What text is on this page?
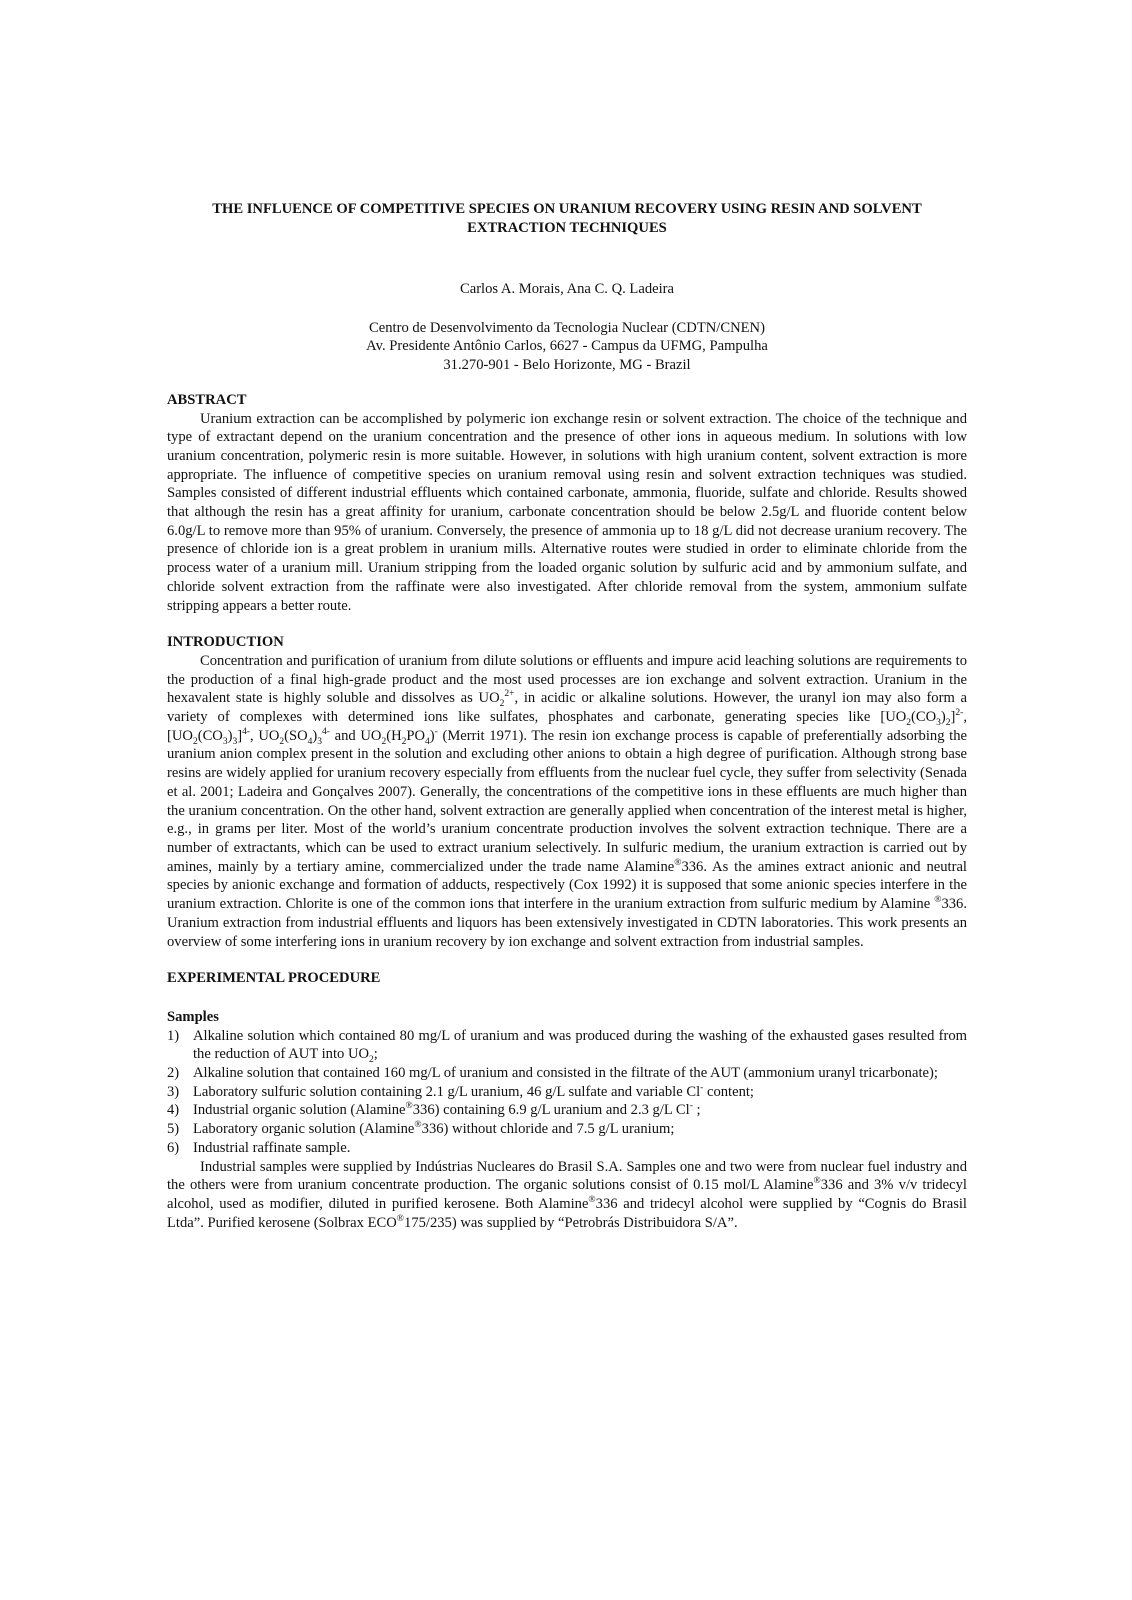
THE INFLUENCE OF COMPETITIVE SPECIES ON URANIUM RECOVERY USING RESIN AND SOLVENT EXTRACTION TECHNIQUES
Carlos A. Morais, Ana C. Q. Ladeira
Centro de Desenvolvimento da Tecnologia Nuclear (CDTN/CNEN)
Av. Presidente Antônio Carlos, 6627 - Campus da UFMG, Pampulha
31.270-901 - Belo Horizonte, MG - Brazil
ABSTRACT

Uranium extraction can be accomplished by polymeric ion exchange resin or solvent extraction. The choice of the technique and type of extractant depend on the uranium concentration and the presence of other ions in aqueous medium. In solutions with low uranium concentration, polymeric resin is more suitable. However, in solutions with high uranium content, solvent extraction is more appropriate. The influence of competitive species on uranium removal using resin and solvent extraction techniques was studied. Samples consisted of different industrial effluents which contained carbonate, ammonia, fluoride, sulfate and chloride. Results showed that although the resin has a great affinity for uranium, carbonate concentration should be below 2.5g/L and fluoride content below 6.0g/L to remove more than 95% of uranium. Conversely, the presence of ammonia up to 18 g/L did not decrease uranium recovery. The presence of chloride ion is a great problem in uranium mills. Alternative routes were studied in order to eliminate chloride from the process water of a uranium mill. Uranium stripping from the loaded organic solution by sulfuric acid and by ammonium sulfate, and chloride solvent extraction from the raffinate were also investigated. After chloride removal from the system, ammonium sulfate stripping appears a better route.

INTRODUCTION

Concentration and purification of uranium from dilute solutions or effluents and impure acid leaching solutions are requirements to the production of a final high-grade product and the most used processes are ion exchange and solvent extraction. Uranium in the hexavalent state is highly soluble and dissolves as $UO_2^{2+}$, in acidic or alkaline solutions. However, the uranyl ion may also form a variety of complexes with determined ions like sulfates, phosphates and carbonate, generating species like $[UO_2(CO_3)_2]^{2-}$, $[UO_2(CO_3)_3]^{4-}$, $UO_2(SO_4)_3^{4-}$ and $UO_2(H_2PO_4)^-$ (Merrit 1971). The resin ion exchange process is capable of preferentially adsorbing the uranium anion complex present in the solution and excluding other anions to obtain a high degree of purification. Although strong base resins are widely applied for uranium recovery especially from effluents from the nuclear fuel cycle, they suffer from selectivity (Senada et al. 2001; Ladeira and Gonçalves 2007). Generally, the concentrations of the competitive ions in these effluents are much higher than the uranium concentration. On the other hand, solvent extraction are generally applied when concentration of the interest metal is higher, e.g., in grams per liter. Most of the world’s uranium concentrate production involves the solvent extraction technique. There are a number of extractants, which can be used to extract uranium selectively. In sulfuric medium, the uranium extraction is carried out by amines, mainly by a tertiary amine, commercialized under the trade name Alamine®336. As the amines extract anionic and neutral species by anionic exchange and formation of adducts, respectively (Cox 1992) it is supposed that some anionic species interfere in the uranium extraction. Chlorite is one of the common ions that interfere in the uranium extraction from sulfuric medium by Alamine ®336. Uranium extraction from industrial effluents and liquors has been extensively investigated in CDTN laboratories. This work presents an overview of some interfering ions in uranium recovery by ion exchange and solvent extraction from industrial samples.

EXPERIMENTAL PROCEDURE
Samples
1) Alkaline solution which contained 80 mg/L of uranium and was produced during the washing of the exhausted gases resulted from the reduction of AUT into $UO_2$;
2) Alkaline solution that contained 160 mg/L of uranium and consisted in the filtrate of the AUT (ammonium uranyl tricarbonate);
3) Laboratory sulfuric solution containing 2.1 g/L uranium, 46 g/L sulfate and variable Cl- content;
4) Industrial organic solution (Alamine®336) containing 6.9 g/L uranium and 2.3 g/L Cl- ;
5) Laboratory organic solution (Alamine®336) without chloride and 7.5 g/L uranium;
6) Industrial raffinate sample.

Industrial samples were supplied by Indústrias Nucleares do Brasil S.A. Samples one and two were from nuclear fuel industry and the others were from uranium concentrate production. The organic solutions consist of 0.15 mol/L Alamine®336 and 3% v/v tridecyl alcohol, used as modifier, diluted in purified kerosene. Both Alamine®336 and tridecyl alcohol were supplied by “Cognis do Brasil Ltda”. Purified kerosene (Solbrax ECO®175/235) was supplied by “Petrobrás Distribuidora S/A”.
